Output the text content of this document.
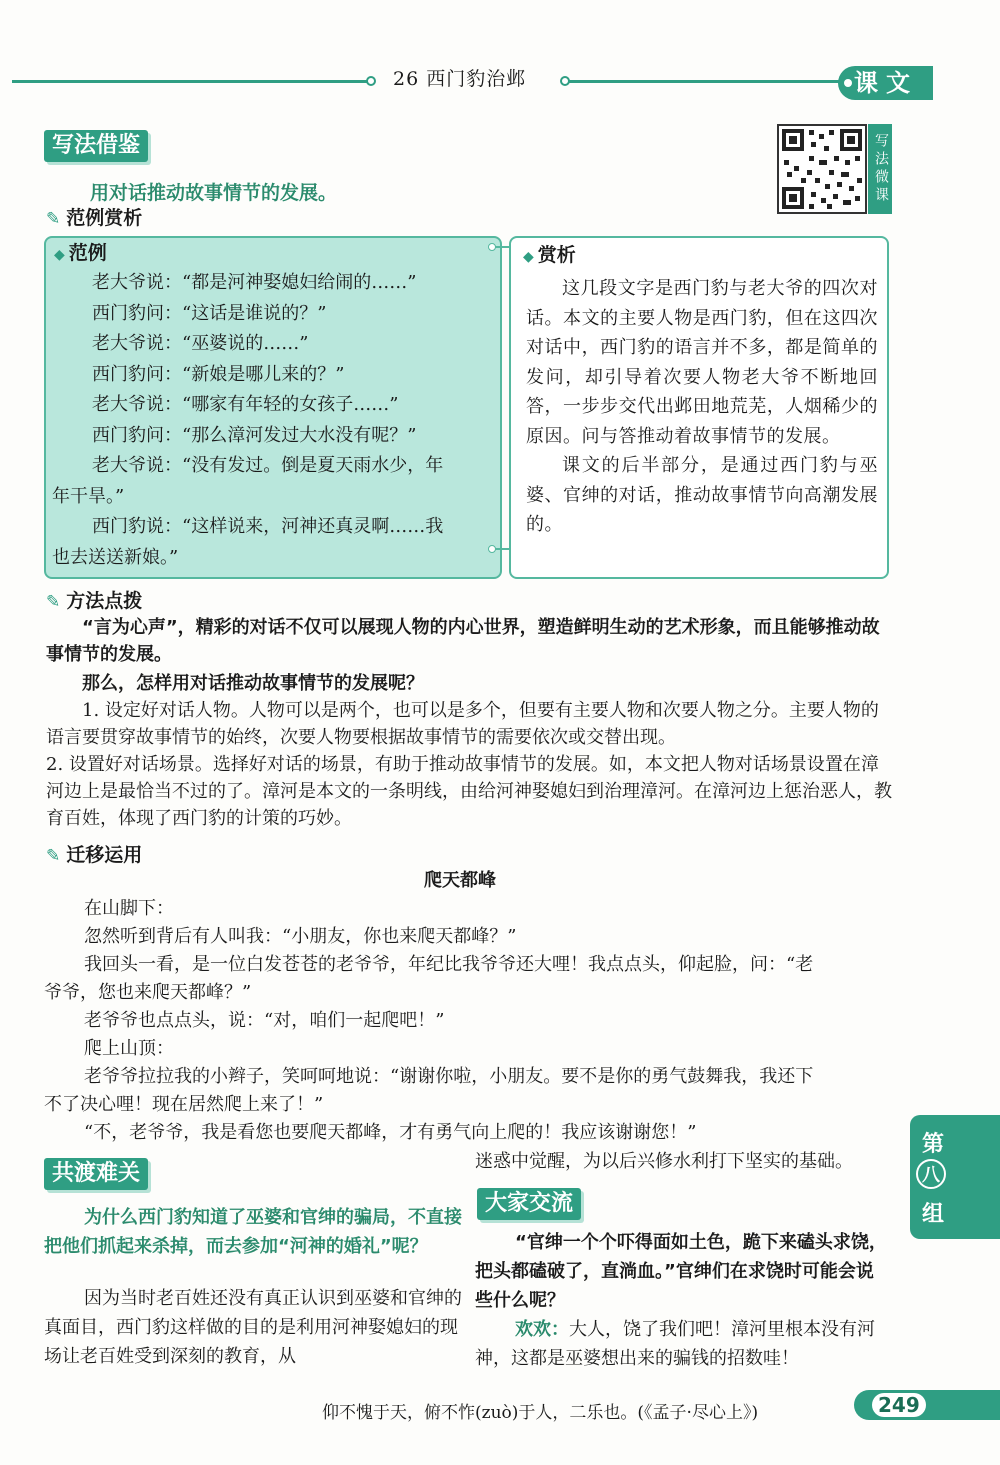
26 西门豹治邺	课文
写法借鉴
用对话推动故事情节的发展。	写法微课
✎ 范例赏析
◆ 范例
老大爷说：“都是河神娶媳妇给闹的……”
西门豹问：“这话是谁说的？”
老大爷说：“巫婆说的……”
西门豹问：“新娘是哪儿来的？”
老大爷说：“哪家有年轻的女孩子……”
西门豹问：“那么漳河发过大水没有呢？”
老大爷说：“没有发过。倒是夏天雨水少，年
年干旱。”
西门豹说：“这样说来，河神还真灵啊……我
也去送送新娘。”
◆ 赏析

这几段文字是西门豹与老大爷的四次对话。本文的主要人物是西门豹，但在这四次对话中，西门豹的语言并不多，都是简单的发问，却引导着次要人物老大爷不断地回答，一步步交代出邺田地荒芜，人烟稀少的原因。问与答推动着故事情节的发展。

课文的后半部分，是通过西门豹与巫婆、官绅的对话，推动故事情节向高潮发展的。

✎ 方法点拨
“言为心声”，精彩的对话不仅可以展现人物的内心世界，塑造鲜明生动的艺术形象，而且能够推动故事情节的发展。
那么，怎样用对话推动故事情节的发展呢？
1. 设定好对话人物。人物可以是两个，也可以是多个，但要有主要人物和次要人物之分。主要人物的语言要贯穿故事情节的始终，次要人物要根据故事情节的需要依次或交替出现。
2. 设置好对话场景。选择好对话的场景，有助于推动故事情节的发展。如，本文把人物对话场景设置在漳河边上是最恰当不过的了。漳河是本文的一条明线，由给河神娶媳妇到治理漳河。在漳河边上惩治恶人，教育百姓，体现了西门豹的计策的巧妙。
✎ 迁移运用
爬天都峰
在山脚下：
忽然听到背后有人叫我：“小朋友，你也来爬天都峰？”
我回头一看，是一位白发苍苍的老爷爷，年纪比我爷爷还大哩！我点点头，仰起脸，问：“老
爷爷，您也来爬天都峰？”
老爷爷也点点头，说：“对，咱们一起爬吧！”
爬上山顶：
老爷爷拉拉我的小辫子，笑呵呵地说：“谢谢你啦，小朋友。要不是你的勇气鼓舞我，我还下
不了决心哩！现在居然爬上来了！”
“不，老爷爷，我是看您也要爬天都峰，才有勇气向上爬的！我应该谢谢您！”
共渡难关
为什么西门豹知道了巫婆和官绅的骗局，不直接把他们抓起来杀掉，而去参加“河神的婚礼”呢？
因为当时老百姓还没有真正认识到巫婆和官绅的真面目，西门豹这样做的目的是利用河神娶媳妇的现场让老百姓受到深刻的教育，从
迷惑中觉醒，为以后兴修水利打下坚实的基础。
大家交流
“官绅一个个吓得面如土色，跪下来磕头求饶，把头都磕破了，直淌血。”官绅们在求饶时可能会说些什么呢？
欢欢：大人，饶了我们吧！漳河里根本没有河神，这都是巫婆想出来的骗钱的招数哇！
第
八
组
仰不愧于天，俯不怍(zuò)于人，二乐也。(《孟子·尽心上》)	249
